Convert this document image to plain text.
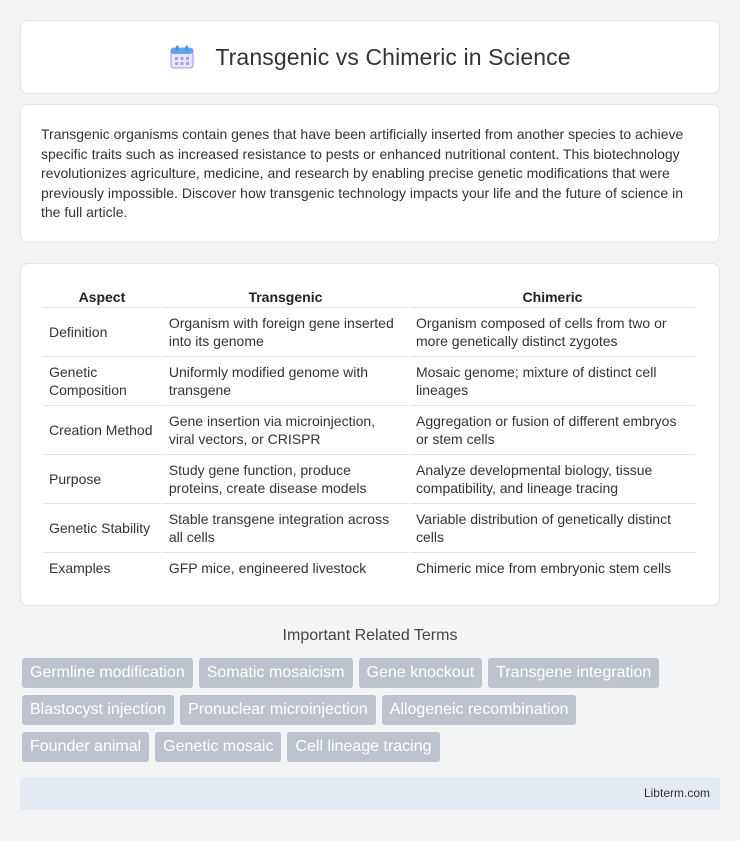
Transgenic vs Chimeric in Science

Transgenic organisms contain genes that have been artificially inserted from another species to achieve specific traits such as increased resistance to pests or enhanced nutritional content. This biotechnology revolutionizes agriculture, medicine, and research by enabling precise genetic modifications that were previously impossible. Discover how transgenic technology impacts your life and the future of science in the full article.

Aspect	Transgenic	Chimeric
Definition	Organism with foreign gene inserted into its genome	Organism composed of cells from two or more genetically distinct zygotes
Genetic Composition	Uniformly modified genome with transgene	Mosaic genome; mixture of distinct cell lineages
Creation Method	Gene insertion via microinjection, viral vectors, or CRISPR	Aggregation or fusion of different embryos or stem cells
Purpose	Study gene function, produce proteins, create disease models	Analyze developmental biology, tissue compatibility, and lineage tracing
Genetic Stability	Stable transgene integration across all cells	Variable distribution of genetically distinct cells
Examples	GFP mice, engineered livestock	Chimeric mice from embryonic stem cells
Important Related Terms
Germline modification	Somatic mosaicism	Gene knockout	Transgene integration
Blastocyst injection	Pronuclear microinjection	Allogeneic recombination
Founder animal	Genetic mosaic	Cell lineage tracing
Libterm.com
